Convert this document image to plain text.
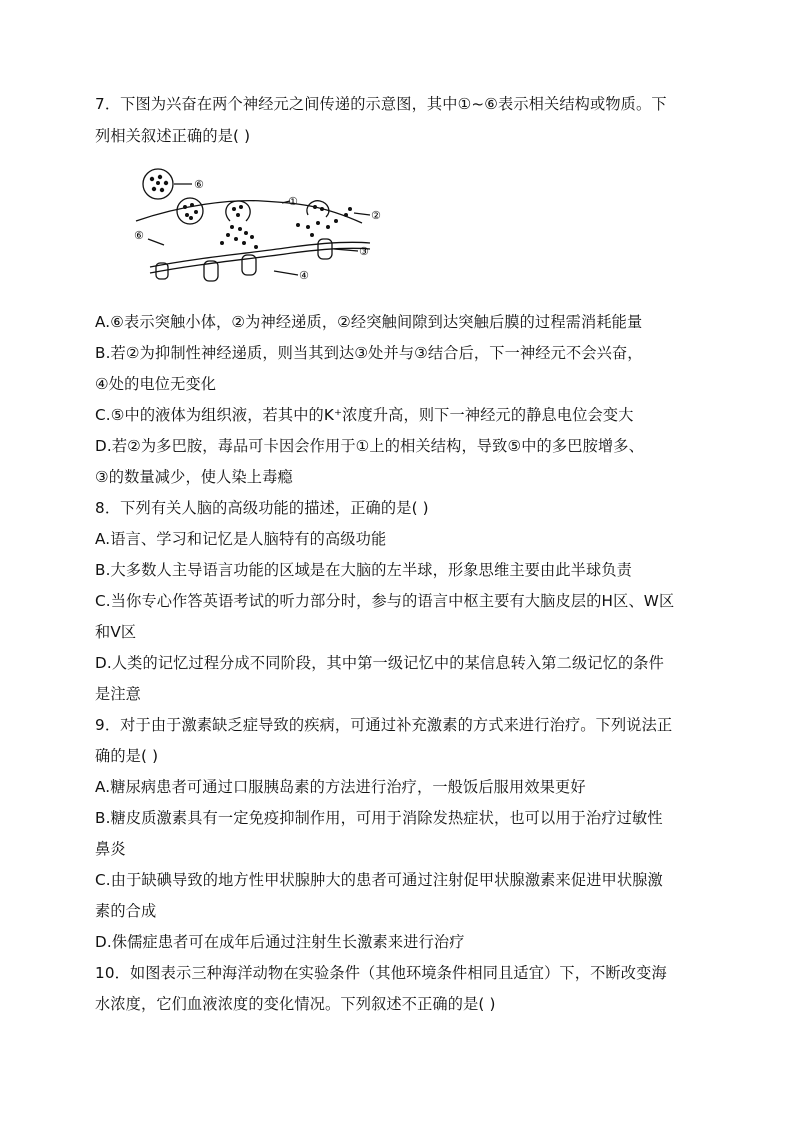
7．下图为兴奋在两个神经元之间传递的示意图，其中①~⑥表示相关结构或物质。下
列相关叙述正确的是( )
⑥
①
②
③
④
⑥
A.⑥表示突触小体，②为神经递质，②经突触间隙到达突触后膜的过程需消耗能量
B.若②为抑制性神经递质，则当其到达③处并与③结合后，下一神经元不会兴奋，
④处的电位无变化
C.⑤中的液体为组织液，若其中的K⁺浓度升高，则下一神经元的静息电位会变大
D.若②为多巴胺，毒品可卡因会作用于①上的相关结构，导致⑤中的多巴胺增多、
③的数量减少，使人染上毒瘾
8．下列有关人脑的高级功能的描述，正确的是( )
A.语言、学习和记忆是人脑特有的高级功能
B.大多数人主导语言功能的区域是在大脑的左半球，形象思维主要由此半球负责
C.当你专心作答英语考试的听力部分时，参与的语言中枢主要有大脑皮层的H区、W区
和V区
D.人类的记忆过程分成不同阶段，其中第一级记忆中的某信息转入第二级记忆的条件
是注意
9．对于由于激素缺乏症导致的疾病，可通过补充激素的方式来进行治疗。下列说法正
确的是( )
A.糖尿病患者可通过口服胰岛素的方法进行治疗，一般饭后服用效果更好
B.糖皮质激素具有一定免疫抑制作用，可用于消除发热症状，也可以用于治疗过敏性
鼻炎
C.由于缺碘导致的地方性甲状腺肿大的患者可通过注射促甲状腺激素来促进甲状腺激
素的合成
D.侏儒症患者可在成年后通过注射生长激素来进行治疗
10．如图表示三种海洋动物在实验条件（其他环境条件相同且适宜）下，不断改变海
水浓度，它们血液浓度的变化情况。下列叙述不正确的是( )
